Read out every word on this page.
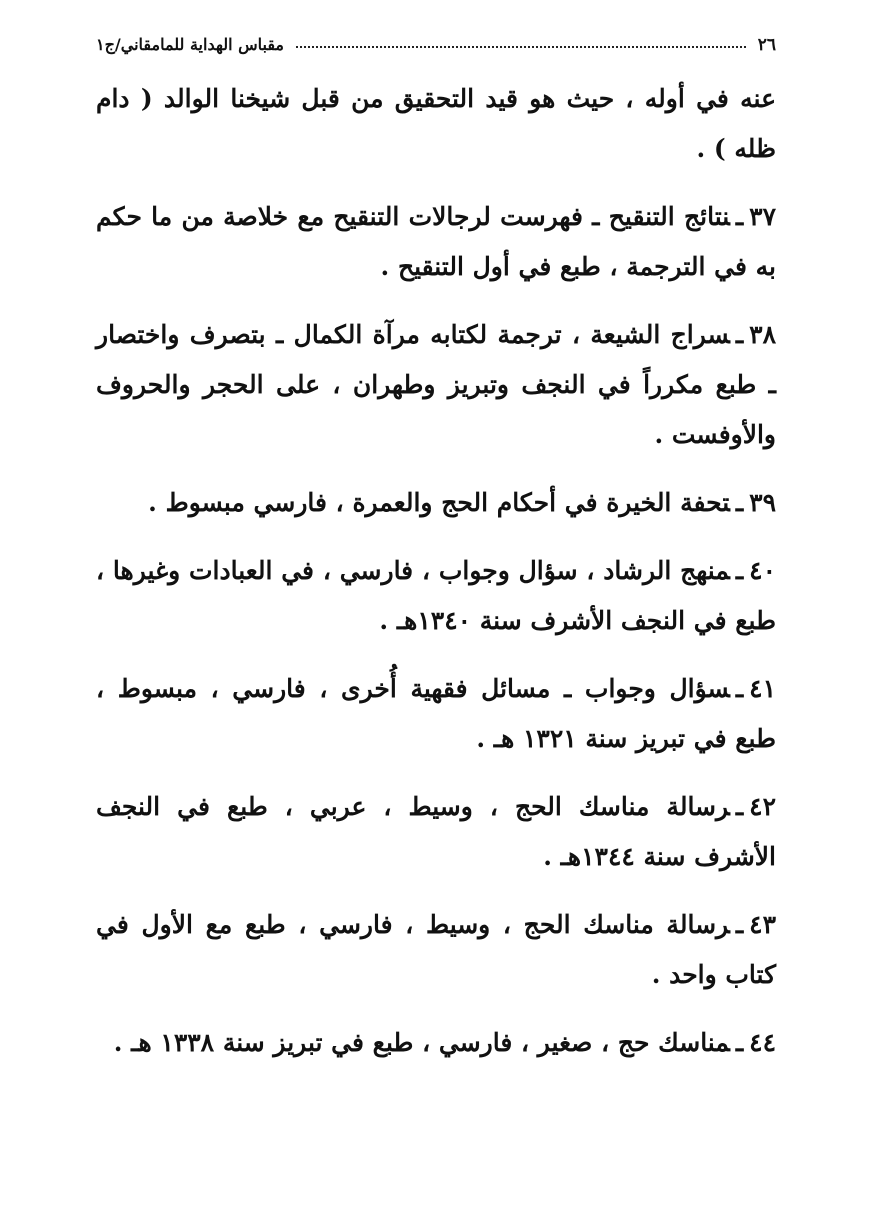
٢٦
مقباس الهداية للمامقاني/ج١

عنه في أوله ، حيث هو قيد التحقيق من قبل شيخنا الوالد ( دام ظله ) .

٣٧ـنتائج التنقيح ـ فهرست لرجالات التنقيح مع خلاصة من ما حكم به في الترجمة ، طبع في أول التنقيح .

٣٨ـسراج الشيعة ، ترجمة لكتابه مرآة الكمال ـ بتصرف واختصار ـ طبع مكرراً في النجف وتبريز وطهران ، على الحجر والحروف والأوفست .

٣٩ـتحفة الخيرة في أحكام الحج والعمرة ، فارسي مبسوط .

٤٠ـمنهج الرشاد ، سؤال وجواب ، فارسي ، في العبادات وغيرها ، طبع في النجف الأشرف سنة ١٣٤٠هـ .

٤١ـسؤال وجواب ـ مسائل فقهية أُخرى ، فارسي ، مبسوط ، طبع في تبريز سنة ١٣٢١ هـ .

٤٢ـرسالة مناسك الحج ، وسيط ، عربي ، طبع في النجف الأشرف سنة ١٣٤٤هـ .

٤٣ـرسالة مناسك الحج ، وسيط ، فارسي ، طبع مع الأول في كتاب واحد .

٤٤ـمناسك حج ، صغير ، فارسي ، طبع في تبريز سنة ١٣٣٨ هـ .
